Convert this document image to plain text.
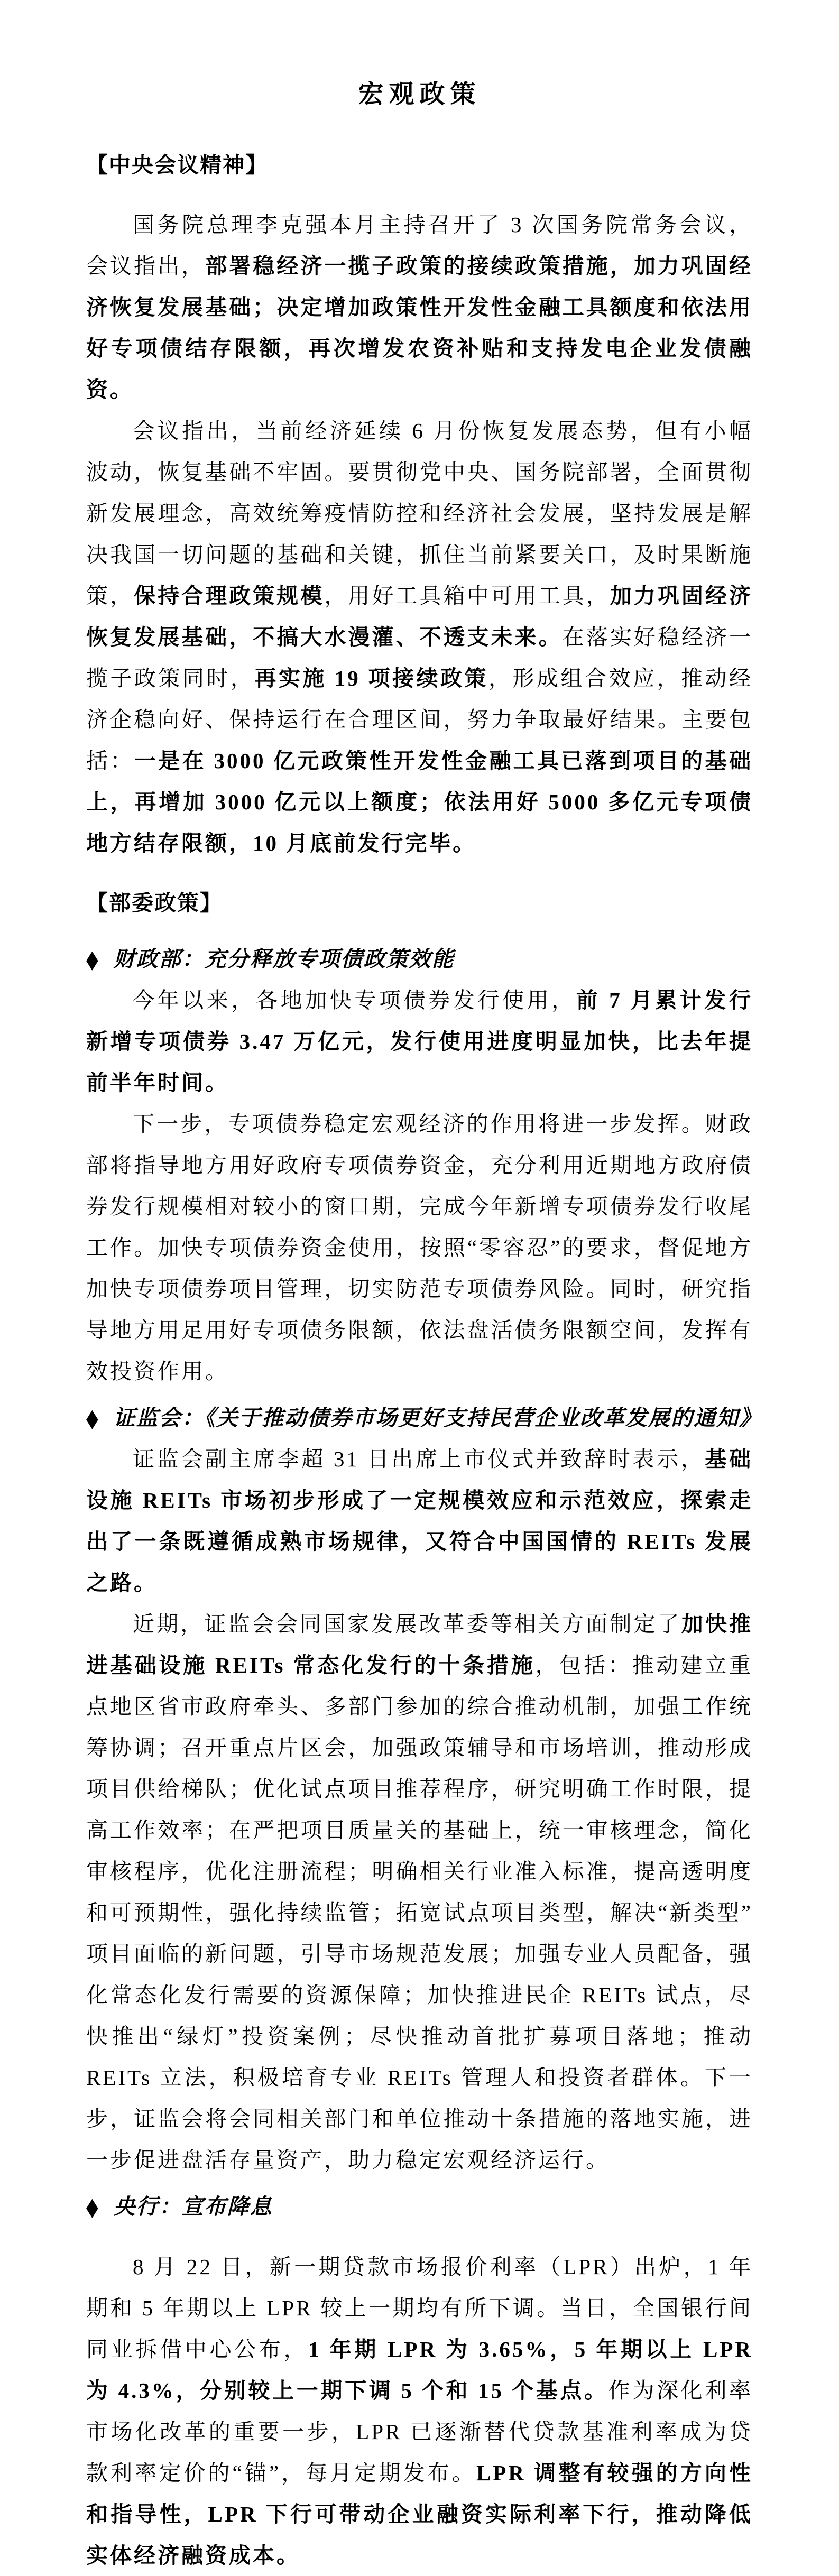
宏观政策
【中央会议精神】

国务院总理李克强本月主持召开了 3 次国务院常务会议，会议指出，部署稳经济一揽子政策的接续政策措施，加力巩固经济恢复发展基础；决定增加政策性开发性金融工具额度和依法用好专项债结存限额，再次增发农资补贴和支持发电企业发债融资。

会议指出，当前经济延续 6 月份恢复发展态势，但有小幅波动，恢复基础不牢固。要贯彻党中央、国务院部署，全面贯彻新发展理念，高效统筹疫情防控和经济社会发展，坚持发展是解决我国一切问题的基础和关键，抓住当前紧要关口，及时果断施策，保持合理政策规模，用好工具箱中可用工具，加力巩固经济恢复发展基础，不搞大水漫灌、不透支未来。在落实好稳经济一揽子政策同时，再实施 19 项接续政策，形成组合效应，推动经济企稳向好、保持运行在合理区间，努力争取最好结果。主要包括：一是在 3000 亿元政策性开发性金融工具已落到项目的基础上，再增加 3000 亿元以上额度；依法用好 5000 多亿元专项债地方结存限额，10 月底前发行完毕。

【部委政策】
◆ 财政部：充分释放专项债政策效能

今年以来，各地加快专项债券发行使用，前 7 月累计发行新增专项债券 3.47 万亿元，发行使用进度明显加快，比去年提前半年时间。

下一步，专项债券稳定宏观经济的作用将进一步发挥。财政部将指导地方用好政府专项债券资金，充分利用近期地方政府债券发行规模相对较小的窗口期，完成今年新增专项债券发行收尾工作。加快专项债券资金使用，按照“零容忍”的要求，督促地方加快专项债券项目管理，切实防范专项债券风险。同时，研究指导地方用足用好专项债务限额，依法盘活债务限额空间，发挥有效投资作用。

◆ 证监会：《关于推动债券市场更好支持民营企业改革发展的通知》

证监会副主席李超 31 日出席上市仪式并致辞时表示，基础设施 REITs 市场初步形成了一定规模效应和示范效应，探索走出了一条既遵循成熟市场规律，又符合中国国情的 REITs 发展之路。

近期，证监会会同国家发展改革委等相关方面制定了加快推进基础设施 REITs 常态化发行的十条措施，包括：推动建立重点地区省市政府牵头、多部门参加的综合推动机制，加强工作统筹协调；召开重点片区会，加强政策辅导和市场培训，推动形成项目供给梯队；优化试点项目推荐程序，研究明确工作时限，提高工作效率；在严把项目质量关的基础上，统一审核理念，简化审核程序，优化注册流程；明确相关行业准入标准，提高透明度和可预期性，强化持续监管；拓宽试点项目类型，解决“新类型”项目面临的新问题，引导市场规范发展；加强专业人员配备，强化常态化发行需要的资源保障；加快推进民企 REITs 试点，尽快推出“绿灯”投资案例；尽快推动首批扩募项目落地；推动 REITs 立法，积极培育专业 REITs 管理人和投资者群体。下一步，证监会将会同相关部门和单位推动十条措施的落地实施，进一步促进盘活存量资产，助力稳定宏观经济运行。

◆ 央行：宣布降息

8 月 22 日，新一期贷款市场报价利率（LPR）出炉，1 年期和 5 年期以上 LPR 较上一期均有所下调。当日，全国银行间同业拆借中心公布，1 年期 LPR 为 3.65%，5 年期以上 LPR 为 4.3%，分别较上一期下调 5 个和 15 个基点。作为深化利率市场化改革的重要一步，LPR 已逐渐替代贷款基准利率成为贷款利率定价的“锚”，每月定期发布。LPR 调整有较强的方向性和指导性，LPR 下行可带动企业融资实际利率下行，推动降低实体经济融资成本。
